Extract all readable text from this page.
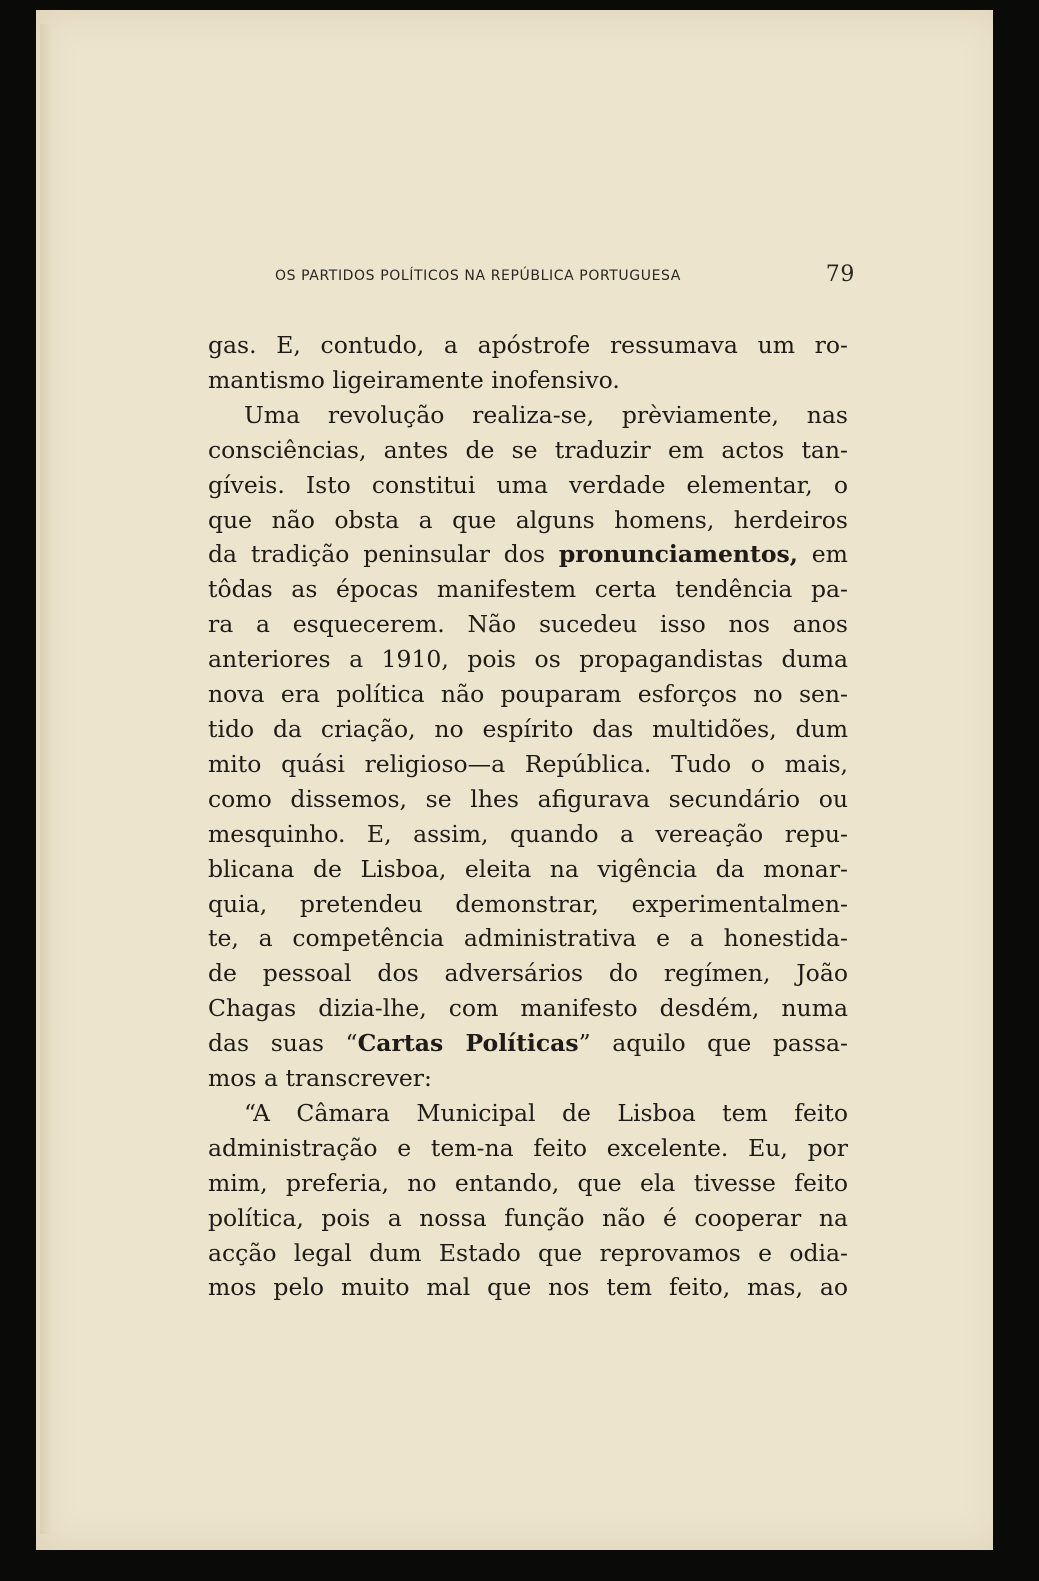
OS PARTIDOS POLÍTICOS NA REPÚBLICA PORTUGUESA	79
gas. E, contudo, a apóstrofe ressumava um ro-
mantismo ligeiramente inofensivo.
Uma revolução realiza-se, prèviamente, nas
consciências, antes de se traduzir em actos tan-
gíveis. Isto constitui uma verdade elementar, o
que não obsta a que alguns homens, herdeiros
da tradição peninsular dos pronunciamentos, em
tôdas as épocas manifestem certa tendência pa-
ra a esquecerem. Não sucedeu isso nos anos
anteriores a 1910, pois os propagandistas duma
nova era política não pouparam esforços no sen-
tido da criação, no espírito das multidões, dum
mito quási religioso—a República. Tudo o mais,
como dissemos, se lhes afigurava secundário ou
mesquinho. E, assim, quando a vereação repu-
blicana de Lisboa, eleita na vigência da monar-
quia, pretendeu demonstrar, experimentalmen-
te, a competência administrativa e a honestida-
de pessoal dos adversários do regímen, João
Chagas dizia-lhe, com manifesto desdém, numa
das suas “Cartas Políticas” aquilo que passa-
mos a transcrever:
“A Câmara Municipal de Lisboa tem feito
administração e tem-na feito excelente. Eu, por
mim, preferia, no entando, que ela tivesse feito
política, pois a nossa função não é cooperar na
acção legal dum Estado que reprovamos e odia-
mos pelo muito mal que nos tem feito, mas, ao
